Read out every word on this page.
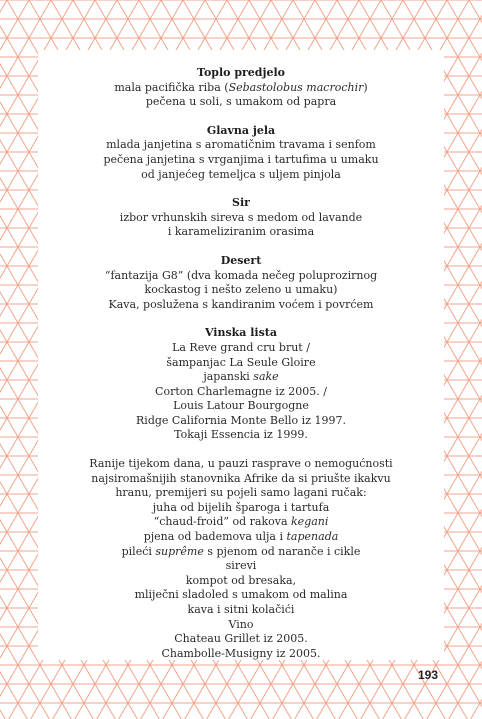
Toplo predjelo
mala pacifička riba (Sebastolobus macrochir)
pečena u soli, s umakom od papra
Glavna jela
mlada janjetina s aromatičnim travama i senfom
pečena janjetina s vrganjima i tartufima u umaku
od janjećeg temeljca s uljem pinjola
Sir
izbor vrhunskih sireva s medom od lavande
i karameliziranim orasima
Desert
“fantazija G8” (dva komada nečeg poluprozirnog
kockastog i nešto zeleno u umaku)
Kava, poslužena s kandiranim voćem i povrćem
Vinska lista
La Reve grand cru brut /
šampanjac La Seule Gloire
japanski sake
Corton Charlemagne iz 2005. /
Louis Latour Bourgogne
Ridge California Monte Bello iz 1997.
Tokaji Essencia iz 1999.
Ranije tijekom dana, u pauzi rasprave o nemogućnosti
najsiromašnijih stanovnika Afrike da si priušte ikakvu
hranu, premijeri su pojeli samo lagani ručak:
juha od bijelih šparoga i tartufa
“chaud-froid” od rakova kegani
pjena od bademova ulja i tapenada
pileći suprême s pjenom od naranče i cikle
sirevi
kompot od bresaka,
mliječni sladoled s umakom od malina
kava i sitni kolačići
Vino
Chateau Grillet iz 2005.
Chambolle-Musigny iz 2005.
193
